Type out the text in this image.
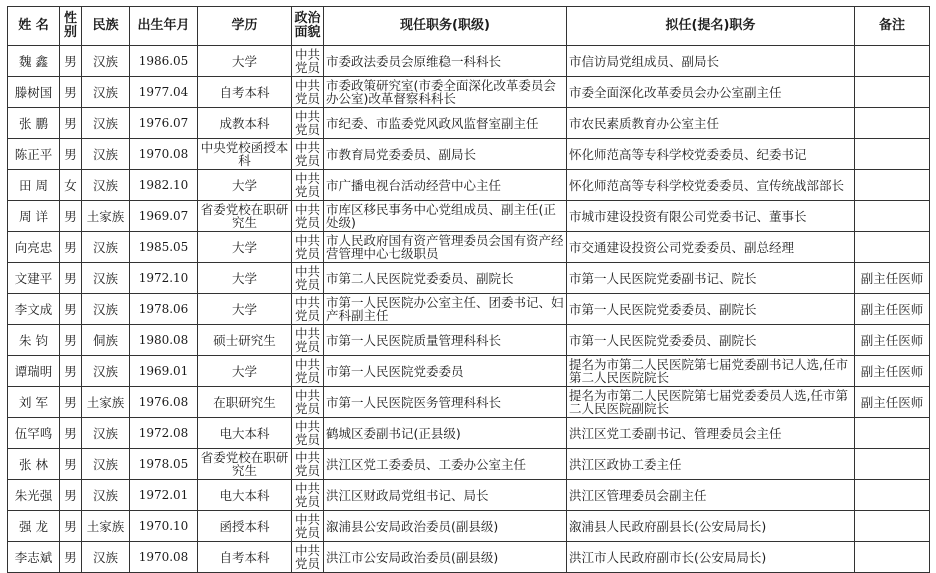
姓 名	性别	民族	出生年月	学历	政治面貌	现任职务(职级)	拟任(提名)职务	备注
魏 鑫	男	汉族	1986.05	大学	中共党员	市委政法委员会原维稳一科科长	市信访局党组成员、副局长	
滕树国	男	汉族	1977.04	自考本科	中共党员	市委政策研究室(市委全面深化改革委员会办公室)改革督察科科长	市委全面深化改革委员会办公室副主任	
张 鹏	男	汉族	1976.07	成教本科	中共党员	市纪委、市监委党风政风监督室副主任	市农民素质教育办公室主任	
陈正平	男	汉族	1970.08	中央党校函授本科	中共党员	市教育局党委委员、副局长	怀化师范高等专科学校党委委员、纪委书记	
田 周	女	汉族	1982.10	大学	中共党员	市广播电视台活动经营中心主任	怀化师范高等专科学校党委委员、宣传统战部部长	
周 详	男	土家族	1969.07	省委党校在职研究生	中共党员	市库区移民事务中心党组成员、副主任(正处级)	市城市建设投资有限公司党委书记、董事长	
向亮忠	男	汉族	1985.05	大学	中共党员	市人民政府国有资产管理委员会国有资产经营管理中心七级职员	市交通建设投资公司党委委员、副总经理	
文建平	男	汉族	1972.10	大学	中共党员	市第二人民医院党委委员、副院长	市第一人民医院党委副书记、院长	副主任医师
李文成	男	汉族	1978.06	大学	中共党员	市第一人民医院办公室主任、团委书记、妇产科副主任	市第一人民医院党委委员、副院长	副主任医师
朱 钧	男	侗族	1980.08	硕士研究生	中共党员	市第一人民医院质量管理科科长	市第一人民医院党委委员、副院长	副主任医师
谭瑞明	男	汉族	1969.01	大学	中共党员	市第一人民医院党委委员	提名为市第二人民医院第七届党委副书记人选,任市第二人民医院院长	副主任医师
刘 军	男	土家族	1976.08	在职研究生	中共党员	市第一人民医院医务管理科科长	提名为市第二人民医院第七届党委委员人选,任市第二人民医院副院长	副主任医师
伍罕鸣	男	汉族	1972.08	电大本科	中共党员	鹤城区委副书记(正县级)	洪江区党工委副书记、管理委员会主任	
张 林	男	汉族	1978.05	省委党校在职研究生	中共党员	洪江区党工委委员、工委办公室主任	洪江区政协工委主任	
朱光强	男	汉族	1972.01	电大本科	中共党员	洪江区财政局党组书记、局长	洪江区管理委员会副主任	
强 龙	男	土家族	1970.10	函授本科	中共党员	溆浦县公安局政治委员(副县级)	溆浦县人民政府副县长(公安局局长)	
李志斌	男	汉族	1970.08	自考本科	中共党员	洪江市公安局政治委员(副县级)	洪江市人民政府副市长(公安局局长)	
